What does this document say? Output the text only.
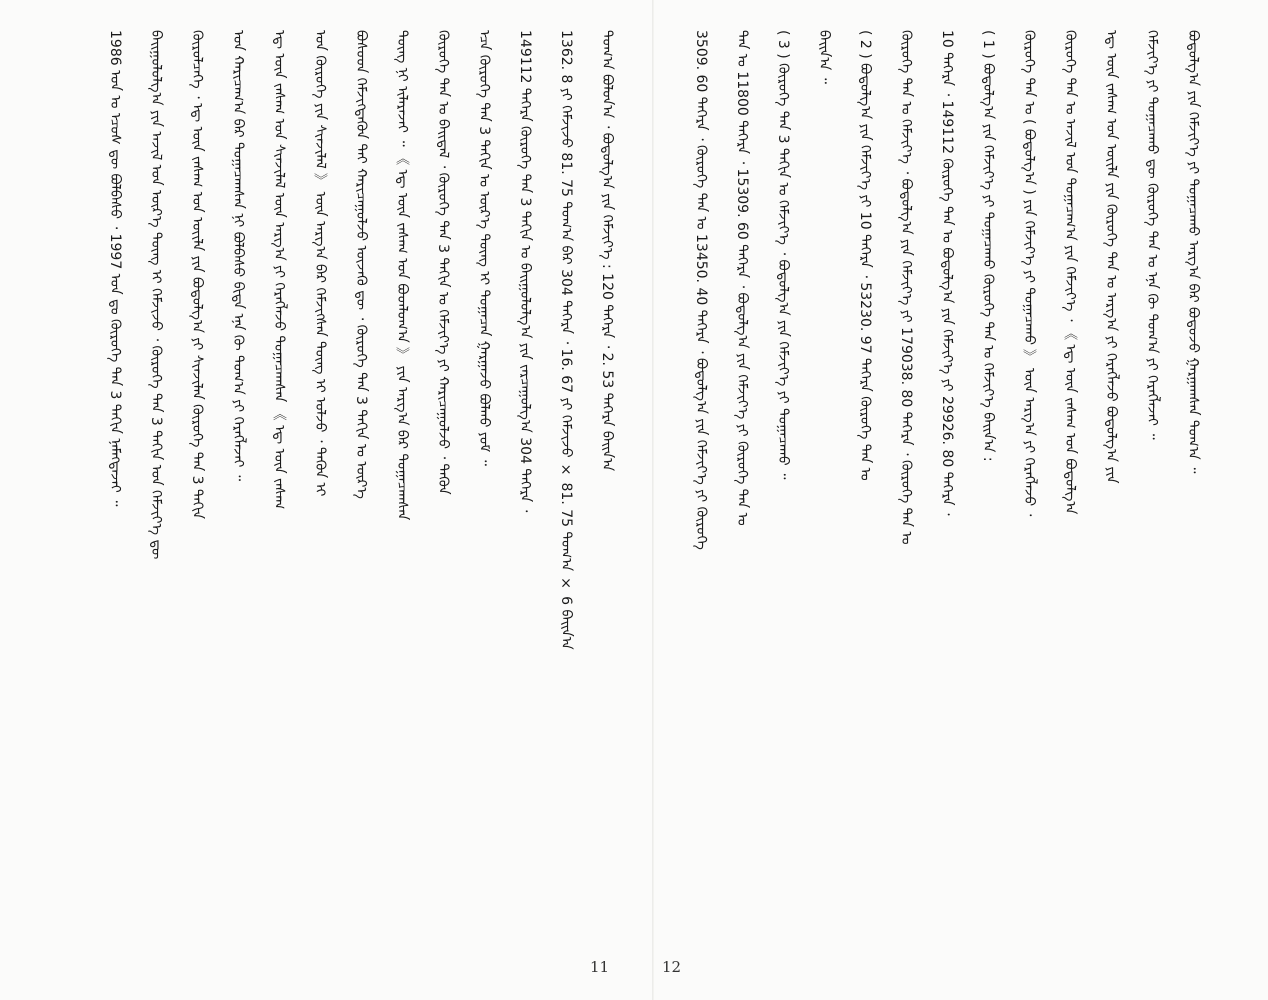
1986 ᠣᠨ ᠤ ᠡᠴᠦᠰ ᠳᠦ ᠪᠣᠯᠪᠠᠰᠤ ᠂ 1997 ᠣᠨ ᠳᠤ ᠬᠦᠷᠦᠭᠡ ᠳᠡᠨ 3 ᠳᠠᠬᠢᠨ ᠨᠡᠮᠡᠭᠳᠡᠵᠡᠢ ᠃	ᠪᠠᠢᠭᠤᠯᠤᠯᠭ᠎ᠠ ᠶᠢᠨ ᠠᠵᠢᠯ ᠤᠨ ᠦᠷ᠎ᠡ ᠳᠦᠩ ᠢ ᠬᠡᠮᠵᠢᠵᠦ ᠂ ᠬᠦᠷᠦᠭᠡ ᠳᠡᠨ 3 ᠳᠠᠬᠢᠨ ᠤᠨ ᠬᠡᠮᠵᠢᠶ᠎ᠡ ᠳᠦ	ᠬᠦᠷᠦᠯᠴᠡᠭᠡ ᠂ ᠡᠳ᠋ ᠦᠨ ᠵᠠᠰᠠᠭ ᠤᠨ ᠦᠢᠯᠡ ᠶᠢᠨ ᠪᠤᠳᠤᠯᠭ᠎ᠠ ᠶᠢ ᠰᠢᠨᠵᠢᠯᠡᠨ ᠬᠦᠷᠦᠭᠡ ᠳᠡᠨ 3 ᠳᠠᠬᠢᠨ	ᠤᠨ ᠬᠠᠷᠢᠴᠠᠭ᠎ᠠ ᠪᠠᠷ ᠲᠣᠭᠠᠴᠠᠭᠰᠠᠨ ᠨᠢ ᠪᠣᠯᠪᠠᠰᠤ ᠪᠢᠳᠡ ᠡᠨᠡ ᠬᠦ ᠲᠣᠭ᠎ᠠ ᠶᠢ ᠬᠡᠷᠡᠭᠯᠡᠵᠡᠢ ᠃	ᠡᠳ᠋ ᠦᠨ ᠵᠠᠰᠠᠭ ᠤᠨ ᠰᠢᠨᠵᠢᠯᠡᠯ ᠦᠨ ᠠᠷᠭ᠎ᠠ ᠶᠢ ᠬᠡᠷᠡᠭᠯᠡᠵᠦ ᠲᠣᠭᠠᠴᠠᠭᠰᠠᠨ 《 ᠡᠳ᠋ ᠦᠨ ᠵᠠᠰᠠᠭ	ᠤᠨ ᠬᠦᠷᠦᠭᠡ ᠶᠢᠨ ᠰᠢᠨᠵᠢᠯᠡᠯ 》 ᠦᠨ ᠠᠷᠭ᠎ᠠ ᠪᠠᠷ ᠬᠡᠮᠵᠢᠭᠰᠡᠨ ᠳᠦᠩ ᠢ ᠣᠯᠵᠤ ᠂ ᠲᠡᠭᠦᠨ ᠢ	ᠪᠤᠰᠤᠳ ᠬᠡᠮᠵᠢᠭᠳᠡᠬᠦᠨ ᠲᠡᠢ ᠬᠠᠷᠢᠴᠠᠭᠤᠯᠵᠤ ᠦᠵᠡᠬᠦ ᠳᠦ ᠂ ᠬᠦᠷᠦᠭᠡ ᠳᠡᠨ 3 ᠳᠠᠬᠢᠨ ᠤ ᠦᠷ᠎ᠡ	ᠳᠦᠩ ᠨᠢ ᠢᠯᠡᠷᠡᠵᠡᠢ ᠃ 《 ᠡᠳ᠋ ᠦᠨ ᠵᠠᠰᠠᠭ ᠤᠨ ᠪᠣᠳᠯᠣᠭ᠎ᠠ 》 ᠶᠢᠨ ᠠᠷᠭ᠎ᠠ ᠪᠠᠷ ᠲᠣᠭᠠᠴᠠᠭᠰᠠᠨ	ᠬᠦᠷᠦᠭᠡ ᠳᠡᠨ ᠤ ᠪᠠᠢᠳᠠᠯ ᠂ ᠬᠦᠷᠦᠭᠡ ᠳᠡᠨ 3 ᠳᠠᠬᠢᠨ ᠤ ᠬᠡᠮᠵᠢᠶ᠎ᠡ ᠶᠢ ᠬᠠᠷᠢᠴᠠᠭᠤᠯᠵᠤ ᠂ ᠲᠡᠭᠦᠨ	ᠡᠴᠡ ᠬᠦᠷᠦᠭᠡ ᠳᠡᠨ 3 ᠳᠠᠬᠢᠨ ᠤ ᠦᠷ᠎ᠡ ᠳᠦᠩ ᠢ ᠲᠣᠭᠠᠴᠠᠨ ᠭᠠᠷᠭᠠᠵᠤ ᠪᠣᠯᠬᠤ ᠶᠤᠮ ᠃	149112 ᠳᠡᠭᠡᠷᠡ ᠬᠦᠷᠦᠭᠡ ᠳᠡᠨ 3 ᠳᠠᠬᠢᠨ ᠤ ᠪᠠᠢᠭᠤᠯᠤᠯᠭ᠎ᠠ ᠶᠢᠨ ᠵᠠᠷᠴᠠᠭᠤᠯᠭ᠎ᠠ 304 ᠳᠡᠭᠡᠷᠡ ᠂	1362. 8 ᠶᠢ ᠬᠡᠮᠵᠢᠵᠦ 81. 75 ᠲᠣᠭ᠎ᠠ ᠪᠠᠷ 304 ᠳᠡᠭᠡᠷᠡ ᠂ 16. 67 ᠶᠢ ᠬᠡᠮᠵᠢᠵᠦ × 81. 75 ᠲᠣᠭ᠎ᠠ × 6 ᠪᠠᠢᠨ᠎ᠠ	ᠲᠣᠭ᠎ᠠ ᠪᠣᠯᠤᠨ᠎ᠠ ᠂ ᠪᠣᠳᠣᠯᠭ᠎ᠠ ᠶᠢᠨ ᠬᠡᠮᠵᠢᠶ᠎ᠡ : 120 ᠳᠡᠭᠡᠷᠡ ᠂ 2. 53 ᠳᠡᠭᠡᠷᠡ ᠪᠠᠢᠨ᠎ᠠ
11
3509. 60 ᠳᠡᠭᠡᠷᠡ ᠂ ᠬᠦᠷᠦᠭᠡ ᠳᠡᠨ ᠤ 13450. 40 ᠳᠡᠭᠡᠷᠡ ᠂ ᠪᠣᠳᠣᠯᠭ᠎ᠠ ᠶᠢᠨ ᠬᠡᠮᠵᠢᠶ᠎ᠡ ᠶᠢ ᠬᠦᠷᠦᠭᠡ	ᠳᠡᠨ ᠤ 11800 ᠳᠡᠭᠡᠷᠡ ᠂ 15309. 60 ᠳᠡᠭᠡᠷᠡ ᠂ ᠪᠣᠳᠣᠯᠭ᠎ᠠ ᠶᠢᠨ ᠬᠡᠮᠵᠢᠶ᠎ᠡ ᠶᠢ ᠬᠦᠷᠦᠭᠡ ᠳᠡᠨ ᠤ	( 3 ) ᠬᠦᠷᠦᠭᠡ ᠳᠡᠨ 3 ᠳᠠᠬᠢᠨ ᠤ ᠬᠡᠮᠵᠢᠶ᠎ᠡ ᠂ ᠪᠣᠳᠣᠯᠭ᠎ᠠ ᠶᠢᠨ ᠬᠡᠮᠵᠢᠶ᠎ᠡ ᠶᠢ ᠲᠣᠭᠠᠴᠠᠬᠤ ᠃	ᠪᠠᠢᠨ᠎ᠠ ᠃	( 2 ) ᠪᠣᠳᠣᠯᠭ᠎ᠠ ᠶᠢᠨ ᠬᠡᠮᠵᠢᠶ᠎ᠡ ᠶᠢ 10 ᠳᠡᠭᠡᠷᠡ ᠂ 53230. 97 ᠳᠡᠭᠡᠷᠡ ᠬᠦᠷᠦᠭᠡ ᠳᠡᠨ ᠤ	ᠬᠦᠷᠦᠭᠡ ᠳᠡᠨ ᠤ ᠬᠡᠮᠵᠢᠶ᠎ᠡ ᠂ ᠪᠣᠳᠣᠯᠭ᠎ᠠ ᠶᠢᠨ ᠬᠡᠮᠵᠢᠶ᠎ᠡ ᠶᠢ 179038. 80 ᠳᠡᠭᠡᠷᠡ ᠂ ᠬᠦᠷᠦᠭᠡ ᠳᠡᠨ ᠤ	10 ᠳᠡᠭᠡᠷᠡ ᠂ 149112 ᠬᠦᠷᠦᠭᠡ ᠳᠡᠨ ᠤ ᠪᠣᠳᠣᠯᠭ᠎ᠠ ᠶᠢᠨ ᠬᠡᠮᠵᠢᠶ᠎ᠡ ᠶᠢ 29926. 80 ᠳᠡᠭᠡᠷᠡ ᠂	( 1 ) ᠪᠣᠳᠣᠯᠭ᠎ᠠ ᠶᠢᠨ ᠬᠡᠮᠵᠢᠶ᠎ᠡ ᠶᠢ ᠲᠣᠭᠠᠴᠠᠬᠤ ᠬᠦᠷᠦᠭᠡ ᠳᠡᠨ ᠤ ᠬᠡᠮᠵᠢᠶ᠎ᠡ ᠪᠠᠢᠨ᠎ᠠ :	ᠬᠦᠷᠦᠭᠡ ᠳᠡᠨ ᠤ ( ᠪᠣᠳᠣᠯᠭ᠎ᠠ ) ᠶᠢᠨ ᠬᠡᠮᠵᠢᠶ᠎ᠡ ᠶᠢ ᠲᠣᠭᠠᠴᠠᠬᠤ 》 ᠦᠨ ᠠᠷᠭ᠎ᠠ ᠶᠢ ᠬᠡᠷᠡᠭᠯᠡᠵᠦ ᠂	ᠬᠦᠷᠦᠭᠡ ᠳᠡᠨ ᠤ ᠠᠵᠢᠯ ᠤᠨ ᠲᠣᠭᠠᠴᠠᠭ᠎ᠠ ᠶᠢᠨ ᠬᠡᠮᠵᠢᠶ᠎ᠡ ᠂ 《 ᠡᠳ᠋ ᠦᠨ ᠵᠠᠰᠠᠭ ᠤᠨ ᠪᠣᠳᠣᠯᠭ᠎ᠠ	ᠡᠳ᠋ ᠦᠨ ᠵᠠᠰᠠᠭ ᠤᠨ ᠦᠢᠯᠡ ᠶᠢᠨ ᠬᠦᠷᠦᠭᠡ ᠳᠡᠨ ᠤ ᠠᠷᠭ᠎ᠠ ᠶᠢ ᠬᠡᠷᠡᠭᠯᠡᠵᠦ ᠪᠣᠳᠣᠯᠭ᠎ᠠ ᠶᠢᠨ	ᠬᠡᠮᠵᠢᠶ᠎ᠡ ᠶᠢ ᠲᠣᠭᠠᠴᠠᠬᠤ ᠳᠦ ᠬᠦᠷᠦᠭᠡ ᠳᠡᠨ ᠤ ᠡᠨᠡ ᠬᠦ ᠲᠣᠭ᠎ᠠ ᠶᠢ ᠬᠡᠷᠡᠭᠯᠡᠵᠡᠢ ᠃	ᠪᠣᠳᠣᠯᠭ᠎ᠠ ᠶᠢᠨ ᠬᠡᠮᠵᠢᠶ᠎ᠡ ᠶᠢ ᠲᠣᠭᠠᠴᠠᠬᠤ ᠠᠷᠭ᠎ᠠ ᠪᠠᠷ ᠪᠣᠳᠣᠵᠤ ᠭᠠᠷᠭᠠᠭᠰᠠᠨ ᠲᠣᠭ᠎ᠠ ᠃
12
